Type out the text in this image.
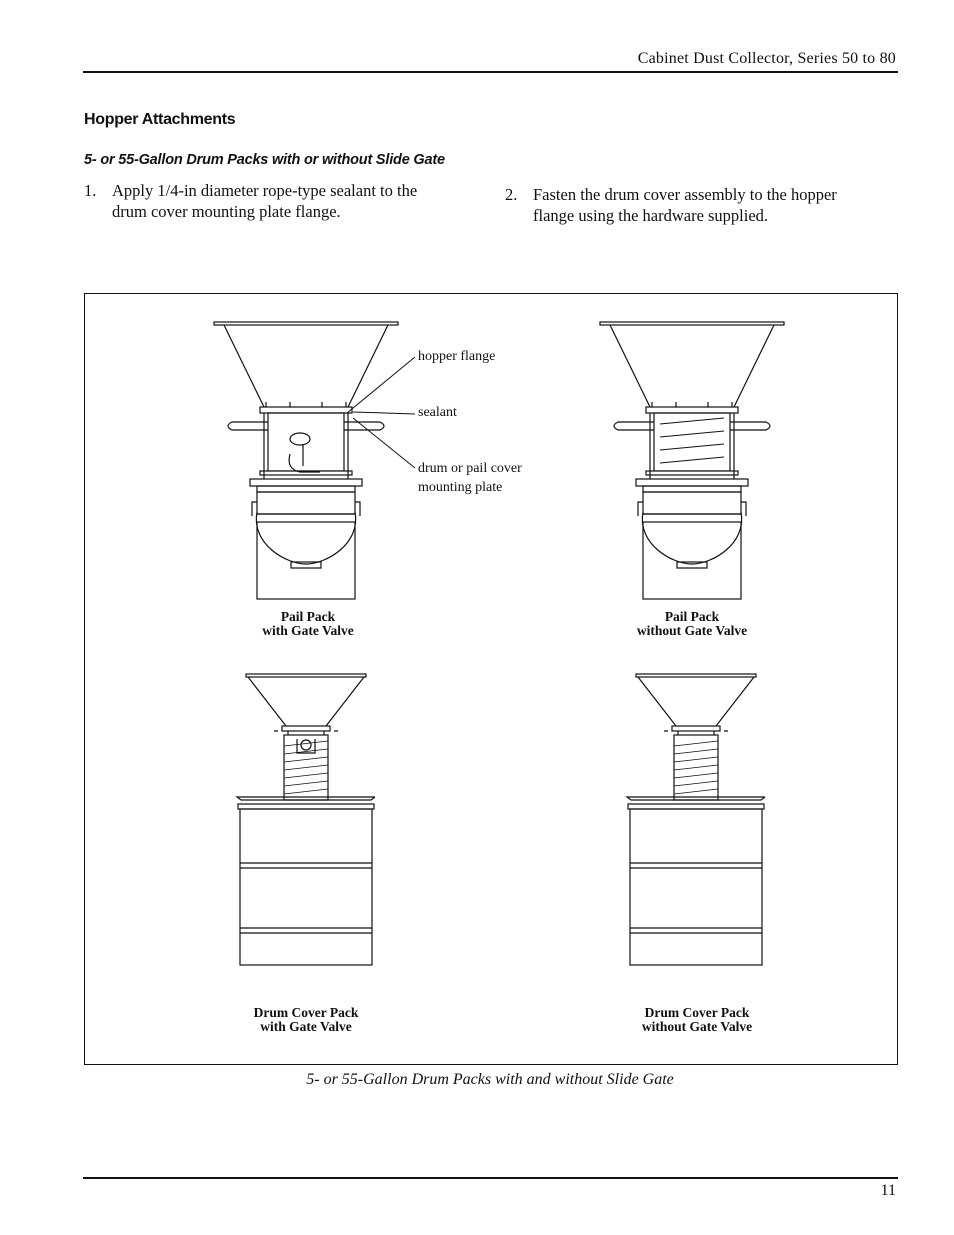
Cabinet Dust Collector, Series 50 to 80
Hopper Attachments
5- or 55-Gallon Drum Packs with or without Slide Gate
1. Apply 1/4-in diameter rope-type sealant to the
drum cover mounting plate flange.
2. Fasten the drum cover assembly to the hopper
flange using the hardware supplied.
hopper flange
sealant
drum or pail cover
mounting plate
Pail Pack
with Gate Valve
Pail Pack
without Gate Valve
Drum Cover Pack
with Gate Valve
Drum Cover Pack
without Gate Valve
5- or 55-Gallon Drum Packs with and without Slide Gate
11
